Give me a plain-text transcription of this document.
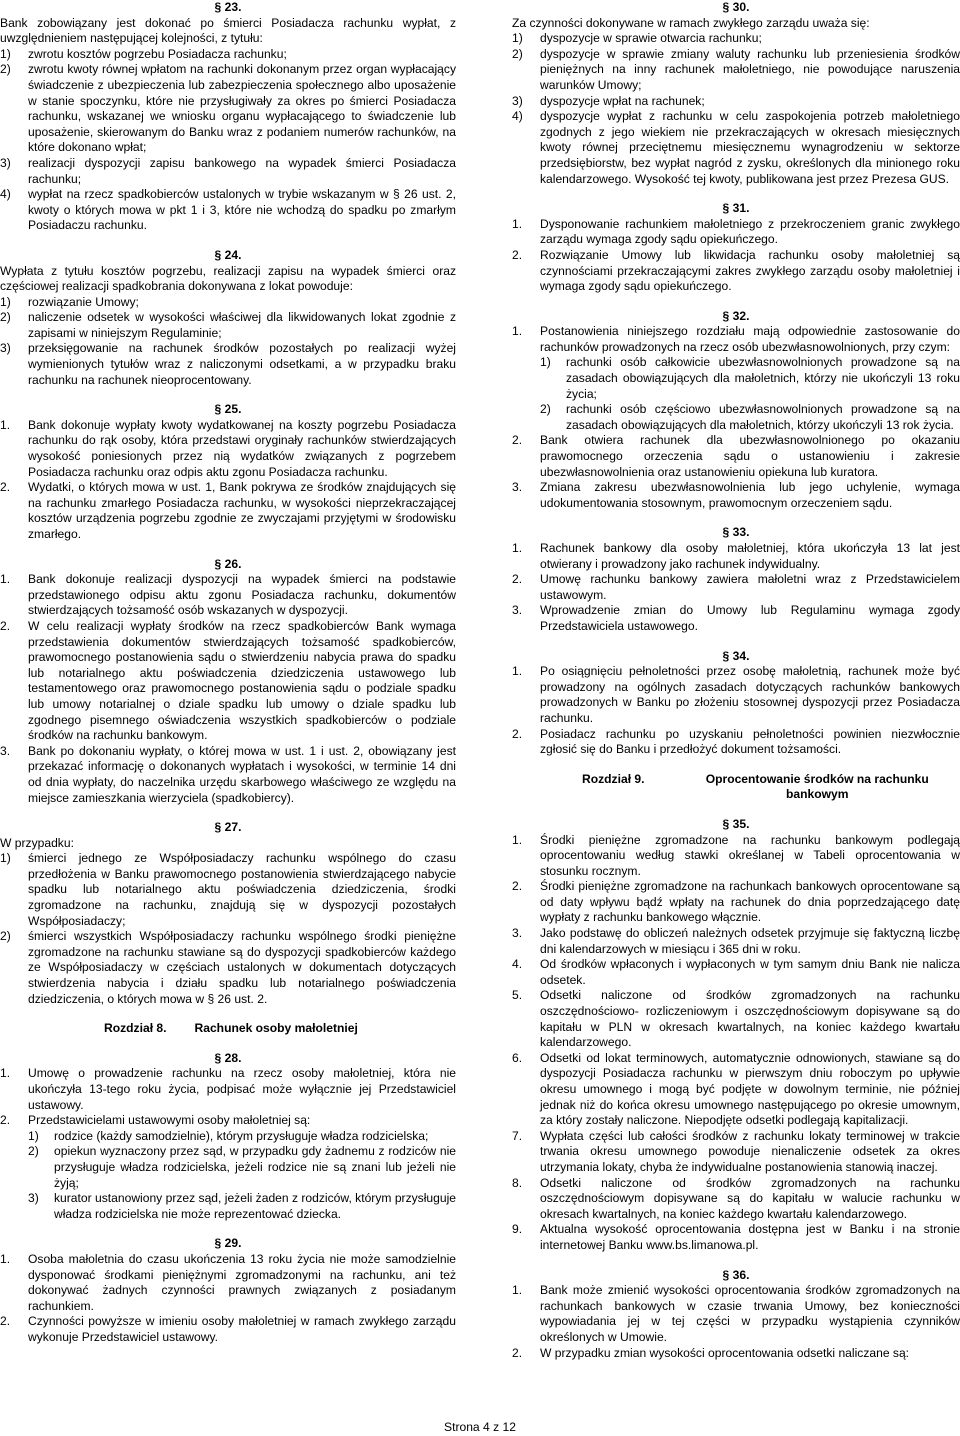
§ 23.

Bank zobowiązany jest dokonać po śmierci Posiadacza rachunku wypłat, z uwzględnieniem następującej kolejności, z tytułu:

1)	zwrotu kosztów pogrzebu Posiadacza rachunku;
2)	zwrotu kwoty równej wpłatom na rachunki dokonanym przez organ wypłacający świadczenie z ubezpieczenia lub zabezpieczenia społecznego albo uposażenie w stanie spoczynku, które nie przysługiwały za okres po śmierci Posiadacza rachunku, wskazanej we wniosku organu wypłacającego to świadczenie lub uposażenie, skierowanym do Banku wraz z podaniem numerów rachunków, na które dokonano wpłat;
3)	realizacji dyspozycji zapisu bankowego na wypadek śmierci Posiadacza rachunku;
4)	wypłat na rzecz spadkobierców ustalonych w trybie wskazanym w § 26 ust. 2, kwoty o których mowa w pkt 1 i 3, które nie wchodzą do spadku po zmarłym Posiadaczu rachunku.

§ 24.

Wypłata z tytułu kosztów pogrzebu, realizacji zapisu na wypadek śmierci oraz częściowej realizacji spadkobrania dokonywana z lokat powoduje:

1)	rozwiązanie Umowy;
2)	naliczenie odsetek w wysokości właściwej dla likwidowanych lokat zgodnie z zapisami w niniejszym Regulaminie;
3)	przeksięgowanie na rachunek środków pozostałych po realizacji wyżej wymienionych tytułów wraz z naliczonymi odsetkami, a w przypadku braku rachunku na rachunek nieoprocentowany.

§ 25.

1.	Bank dokonuje wypłaty kwoty wydatkowanej na koszty pogrzebu Posiadacza rachunku do rąk osoby, która przedstawi oryginały rachunków stwierdzających wysokość poniesionych przez nią wydatków związanych z pogrzebem Posiadacza rachunku oraz odpis aktu zgonu Posiadacza rachunku.
2.	Wydatki, o których mowa w ust. 1, Bank pokrywa ze środków znajdujących się na rachunku zmarłego Posiadacza rachunku, w wysokości nieprzekraczającej kosztów urządzenia pogrzebu zgodnie ze zwyczajami przyjętymi w środowisku zmarłego.

§ 26.

1.	Bank dokonuje realizacji dyspozycji na wypadek śmierci na podstawie przedstawionego odpisu aktu zgonu Posiadacza rachunku, dokumentów stwierdzających tożsamość osób wskazanych w dyspozycji.
2.	W celu realizacji wypłaty środków na rzecz spadkobierców Bank wymaga przedstawienia dokumentów stwierdzających tożsamość spadkobierców, prawomocnego postanowienia sądu o stwierdzeniu nabycia prawa do spadku lub notarialnego aktu poświadczenia dziedziczenia ustawowego lub testamentowego oraz prawomocnego postanowienia sądu o podziale spadku lub umowy notarialnej o dziale spadku lub umowy o dziale spadku lub zgodnego pisemnego oświadczenia wszystkich spadkobierców o podziale środków na rachunku bankowym.
3.	Bank po dokonaniu wypłaty, o której mowa w ust. 1 i ust. 2, obowiązany jest przekazać informację o dokonanych wypłatach i wysokości, w terminie 14 dni od dnia wypłaty, do naczelnika urzędu skarbowego właściwego ze względu na miejsce zamieszkania wierzyciela (spadkobiercy).

§ 27.

W przypadku:

1)	śmierci jednego ze Współposiadaczy rachunku wspólnego do czasu przedłożenia w Banku prawomocnego postanowienia stwierdzającego nabycie spadku lub notarialnego aktu poświadczenia dziedziczenia, środki zgromadzone na rachunku, znajdują się w dyspozycji pozostałych Współposiadaczy;
2)	śmierci wszystkich Współposiadaczy rachunku wspólnego środki pieniężne zgromadzone na rachunku stawiane są do dyspozycji spadkobierców każdego ze Współposiadaczy w częściach ustalonych w dokumentach dotyczących stwierdzenia nabycia i działu spadku lub notarialnego poświadczenia dziedziczenia, o których mowa w § 26 ust. 2.
Rozdział 8. Rachunek osoby małoletniej

§ 28.

1.	Umowę o prowadzenie rachunku na rzecz osoby małoletniej, która nie ukończyła 13-tego roku życia, podpisać może wyłącznie jej Przedstawiciel ustawowy.
2.	Przedstawicielami ustawowymi osoby małoletniej są:
1)	rodzice (każdy samodzielnie), którym przysługuje władza rodzicielska;
2)	opiekun wyznaczony przez sąd, w przypadku gdy żadnemu z rodziców nie przysługuje władza rodzicielska, jeżeli rodzice nie są znani lub jeżeli nie żyją;
3)	kurator ustanowiony przez sąd, jeżeli żaden z rodziców, którym przysługuje władza rodzicielska nie może reprezentować dziecka.

§ 29.

1.	Osoba małoletnia do czasu ukończenia 13 roku życia nie może samodzielnie dysponować środkami pieniężnymi zgromadzonymi na rachunku, ani też dokonywać żadnych czynności prawnych związanych z posiadanym rachunkiem.
2.	Czynności powyższe w imieniu osoby małoletniej w ramach zwykłego zarządu wykonuje Przedstawiciel ustawowy.

§ 30.

Za czynności dokonywane w ramach zwykłego zarządu uważa się:

1)	dyspozycje w sprawie otwarcia rachunku;
2)	dyspozycje w sprawie zmiany waluty rachunku lub przeniesienia środków pieniężnych na inny rachunek małoletniego, nie powodujące naruszenia warunków Umowy;
3)	dyspozycje wpłat na rachunek;
4)	dyspozycje wypłat z rachunku w celu zaspokojenia potrzeb małoletniego zgodnych z jego wiekiem nie przekraczających w okresach miesięcznych kwoty równej przeciętnemu miesięcznemu wynagrodzeniu w sektorze przedsiębiorstw, bez wypłat nagród z zysku, określonych dla minionego roku kalendarzowego. Wysokość tej kwoty, publikowana jest przez Prezesa GUS.

§ 31.

1.	Dysponowanie rachunkiem małoletniego z przekroczeniem granic zwykłego zarządu wymaga zgody sądu opiekuńczego.
2.	Rozwiązanie Umowy lub likwidacja rachunku osoby małoletniej są czynnościami przekraczającymi zakres zwykłego zarządu osoby małoletniej i wymaga zgody sądu opiekuńczego.

§ 32.

1.	Postanowienia niniejszego rozdziału mają odpowiednie zastosowanie do rachunków prowadzonych na rzecz osób ubezwłasnowolnionych, przy czym:
1)	rachunki osób całkowicie ubezwłasnowolnionych prowadzone są na zasadach obowiązujących dla małoletnich, którzy nie ukończyli 13 roku życia;
2)	rachunki osób częściowo ubezwłasnowolnionych prowadzone są na zasadach obowiązujących dla małoletnich, którzy ukończyli 13 rok życia.
2.	Bank otwiera rachunek dla ubezwłasnowolnionego po okazaniu prawomocnego orzeczenia sądu o ustanowieniu i zakresie ubezwłasnowolnienia oraz ustanowieniu opiekuna lub kuratora.
3.	Zmiana zakresu ubezwłasnowolnienia lub jego uchylenie, wymaga udokumentowania stosownym, prawomocnym orzeczeniem sądu.

§ 33.

1.	Rachunek bankowy dla osoby małoletniej, która ukończyła 13 lat jest otwierany i prowadzony jako rachunek indywidualny.
2.	Umowę rachunku bankowy zawiera małoletni wraz z Przedstawicielem ustawowym.
3.	Wprowadzenie zmian do Umowy lub Regulaminu wymaga zgody Przedstawiciela ustawowego.

§ 34.

1.	Po osiągnięciu pełnoletności przez osobę małoletnią, rachunek może być prowadzony na ogólnych zasadach dotyczących rachunków bankowych prowadzonych w Banku po złożeniu stosownej dyspozycji przez Posiadacza rachunku.
2.	Posiadacz rachunku po uzyskaniu pełnoletności powinien niezwłocznie zgłosić się do Banku i przedłożyć dokument tożsamości.
Rozdział 9.	Oprocentowanie środków na rachunku bankowym

§ 35.

1.	Środki pieniężne zgromadzone na rachunku bankowym podlegają oprocentowaniu według stawki określanej w Tabeli oprocentowania w stosunku rocznym.
2.	Środki pieniężne zgromadzone na rachunkach bankowych oprocentowane są od daty wpływu bądź wpłaty na rachunek do dnia poprzedzającego datę wypłaty z rachunku bankowego włącznie.
3.	Jako podstawę do obliczeń należnych odsetek przyjmuje się faktyczną liczbę dni kalendarzowych w miesiącu i 365 dni w roku.
4.	Od środków wpłaconych i wypłaconych w tym samym dniu Bank nie nalicza odsetek.
5.	Odsetki naliczone od środków zgromadzonych na rachunku oszczędnościowo- rozliczeniowym i oszczędnościowym dopisywane są do kapitału w PLN w okresach kwartalnych, na koniec każdego kwartału kalendarzowego.
6.	Odsetki od lokat terminowych, automatycznie odnowionych, stawiane są do dyspozycji Posiadacza rachunku w pierwszym dniu roboczym po upływie okresu umownego i mogą być podjęte w dowolnym terminie, nie później jednak niż do końca okresu umownego następującego po okresie umownym, za który zostały naliczone. Niepodjęte odsetki podlegają kapitalizacji.
7.	Wypłata części lub całości środków z rachunku lokaty terminowej w trakcie trwania okresu umownego powoduje nienaliczenie odsetek za okres utrzymania lokaty, chyba że indywidualne postanowienia stanowią inaczej.
8.	Odsetki naliczone od środków zgromadzonych na rachunku oszczędnościowym dopisywane są do kapitału w walucie rachunku w okresach kwartalnych, na koniec każdego kwartału kalendarzowego.
9.	Aktualna wysokość oprocentowania dostępna jest w Banku i na stronie internetowej Banku www.bs.limanowa.pl.

§ 36.

1.	Bank może zmienić wysokości oprocentowania środków zgromadzonych na rachunkach bankowych w czasie trwania Umowy, bez konieczności wypowiadania jej w tej części w przypadku wystąpienia czynników określonych w Umowie.
2.	W przypadku zmian wysokości oprocentowania odsetki naliczane są:
Strona 4 z 12
